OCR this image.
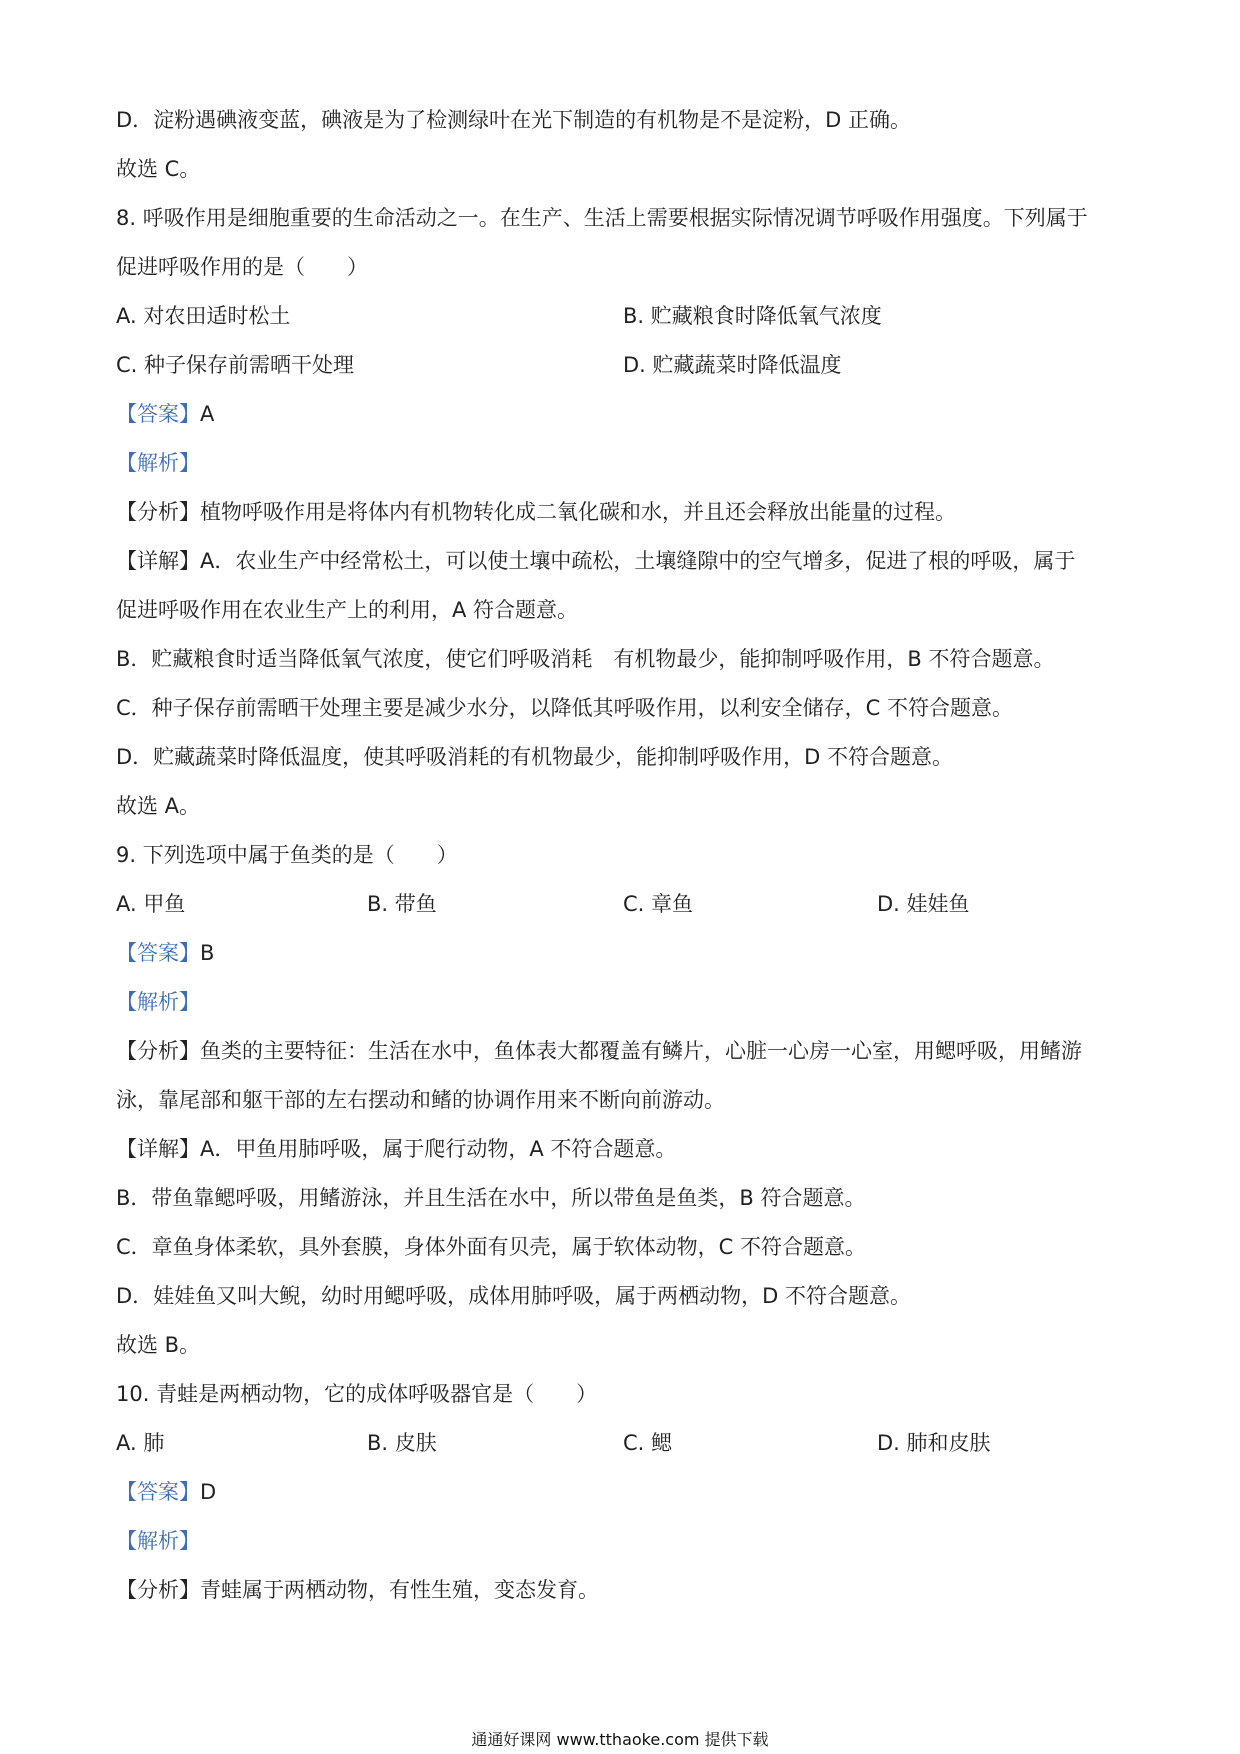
D．淀粉遇碘液变蓝，碘液是为了检测绿叶在光下制造的有机物是不是淀粉，D 正确。
故选 C。
8. 呼吸作用是细胞重要的生命活动之一。在生产、生活上需要根据实际情况调节呼吸作用强度。下列属于
促进呼吸作用的是（　　）
A. 对农田适时松土	B. 贮藏粮食时降低氧气浓度
C. 种子保存前需晒干处理	D. 贮藏蔬菜时降低温度
【答案】A
【解析】
【分析】植物呼吸作用是将体内有机物转化成二氧化碳和水，并且还会释放出能量的过程。
【详解】A．农业生产中经常松土，可以使土壤中疏松，土壤缝隙中的空气增多，促进了根的呼吸，属于
促进呼吸作用在农业生产上的利用，A 符合题意。
B．贮藏粮食时适当降低氧气浓度，使它们呼吸消耗　有机物最少，能抑制呼吸作用，B 不符合题意。
C．种子保存前需晒干处理主要是减少水分，以降低其呼吸作用，以利安全储存，C 不符合题意。
D．贮藏蔬菜时降低温度，使其呼吸消耗的有机物最少，能抑制呼吸作用，D 不符合题意。
故选 A。
9. 下列选项中属于鱼类的是（　　）
A. 甲鱼	B. 带鱼	C. 章鱼	D. 娃娃鱼
【答案】B
【解析】
【分析】鱼类的主要特征：生活在水中，鱼体表大都覆盖有鳞片，心脏一心房一心室，用鳃呼吸，用鳍游
泳，靠尾部和躯干部的左右摆动和鳍的协调作用来不断向前游动。
【详解】A．甲鱼用肺呼吸，属于爬行动物，A 不符合题意。
B．带鱼靠鳃呼吸，用鳍游泳，并且生活在水中，所以带鱼是鱼类，B 符合题意。
C．章鱼身体柔软，具外套膜，身体外面有贝壳，属于软体动物，C 不符合题意。
D．娃娃鱼又叫大鲵，幼时用鳃呼吸，成体用肺呼吸，属于两栖动物，D 不符合题意。
故选 B。
10. 青蛙是两栖动物，它的成体呼吸器官是（　　）
A. 肺	B. 皮肤	C. 鳃	D. 肺和皮肤
【答案】D
【解析】
【分析】青蛙属于两栖动物，有性生殖，变态发育。
通通好课网 www.tthaoke.com 提供下载
